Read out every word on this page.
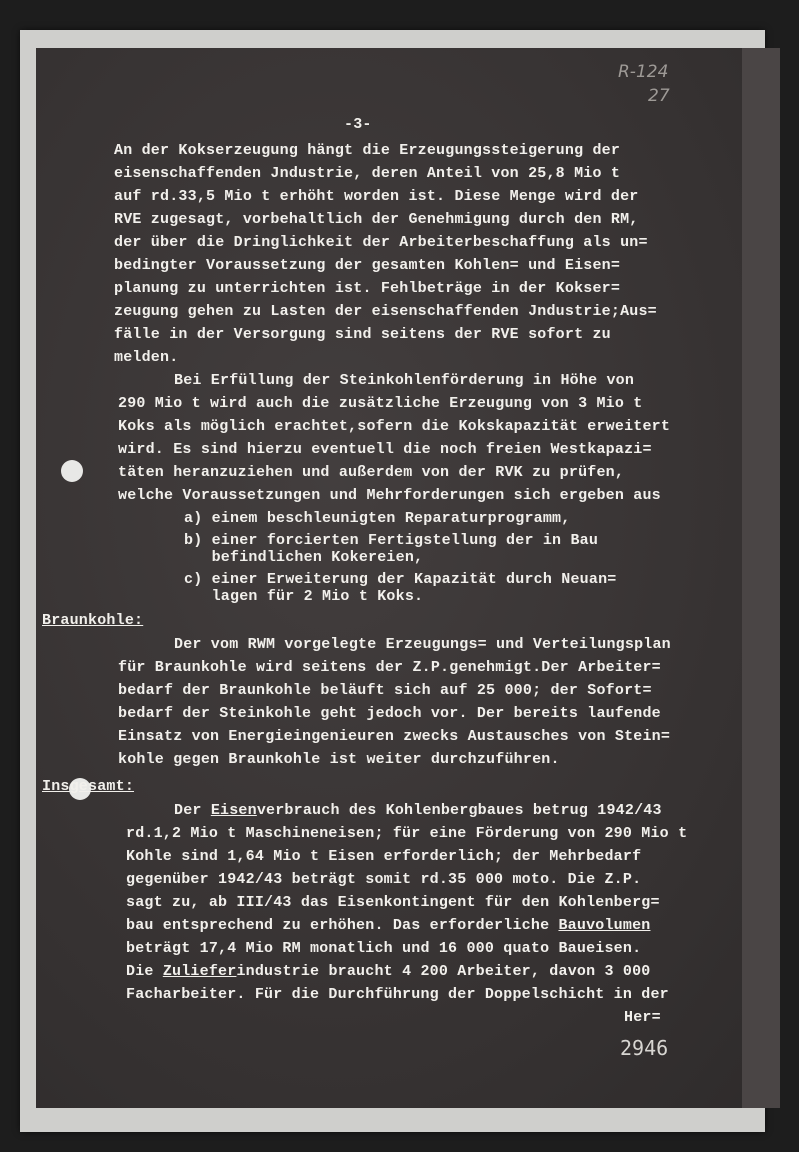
R-124
27
-3-
An der Kokserzeugung hängt die Erzeugungssteigerung der
eisenschaffenden Jndustrie, deren Anteil von 25,8 Mio t
auf rd.33,5 Mio t erhöht worden ist. Diese Menge wird der
RVE zugesagt, vorbehaltlich der Genehmigung durch den RM,
der über die Dringlichkeit der Arbeiterbeschaffung als un=
bedingter Voraussetzung der gesamten Kohlen= und Eisen=
planung zu unterrichten ist. Fehlbeträge in der Kokser=
zeugung gehen zu Lasten der eisenschaffenden Jndustrie;Aus=
fälle in der Versorgung sind seitens der RVE sofort zu
melden.
Bei Erfüllung der Steinkohlenförderung in Höhe von
290 Mio t wird auch die zusätzliche Erzeugung von 3 Mio t
Koks als möglich erachtet,sofern die Kokskapazität erweitert
wird. Es sind hierzu eventuell die noch freien Westkapazi=
täten heranzuziehen und außerdem von der RVK zu prüfen,
welche Voraussetzungen und Mehrforderungen sich ergeben aus
a) einem beschleunigten Reparaturprogramm,
b) einer forcierten Fertigstellung der in Bau
befindlichen Kokereien,
c) einer Erweiterung der Kapazität durch Neuan=
lagen für 2 Mio t Koks.
Braunkohle:
Der vom RWM vorgelegte Erzeugungs= und Verteilungsplan
für Braunkohle wird seitens der Z.P.genehmigt.Der Arbeiter=
bedarf der Braunkohle beläuft sich auf 25 000; der Sofort=
bedarf der Steinkohle geht jedoch vor. Der bereits laufende
Einsatz von Energieingenieuren zwecks Austausches von Stein=
kohle gegen Braunkohle ist weiter durchzuführen.
Insgesamt:
Der Eisenverbrauch des Kohlenbergbaues betrug 1942/43
rd.1,2 Mio t Maschineneisen; für eine Förderung von 290 Mio t
Kohle sind 1,64 Mio t Eisen erforderlich; der Mehrbedarf
gegenüber 1942/43 beträgt somit rd.35 000 moto. Die Z.P.
sagt zu, ab III/43 das Eisenkontingent für den Kohlenberg=
bau entsprechend zu erhöhen. Das erforderliche Bauvolumen
beträgt 17,4 Mio RM monatlich und 16 000 quato Baueisen.
Die Zulieferindustrie braucht 4 200 Arbeiter, davon 3 000
Facharbeiter. Für die Durchführung der Doppelschicht in der
Her=
2946
